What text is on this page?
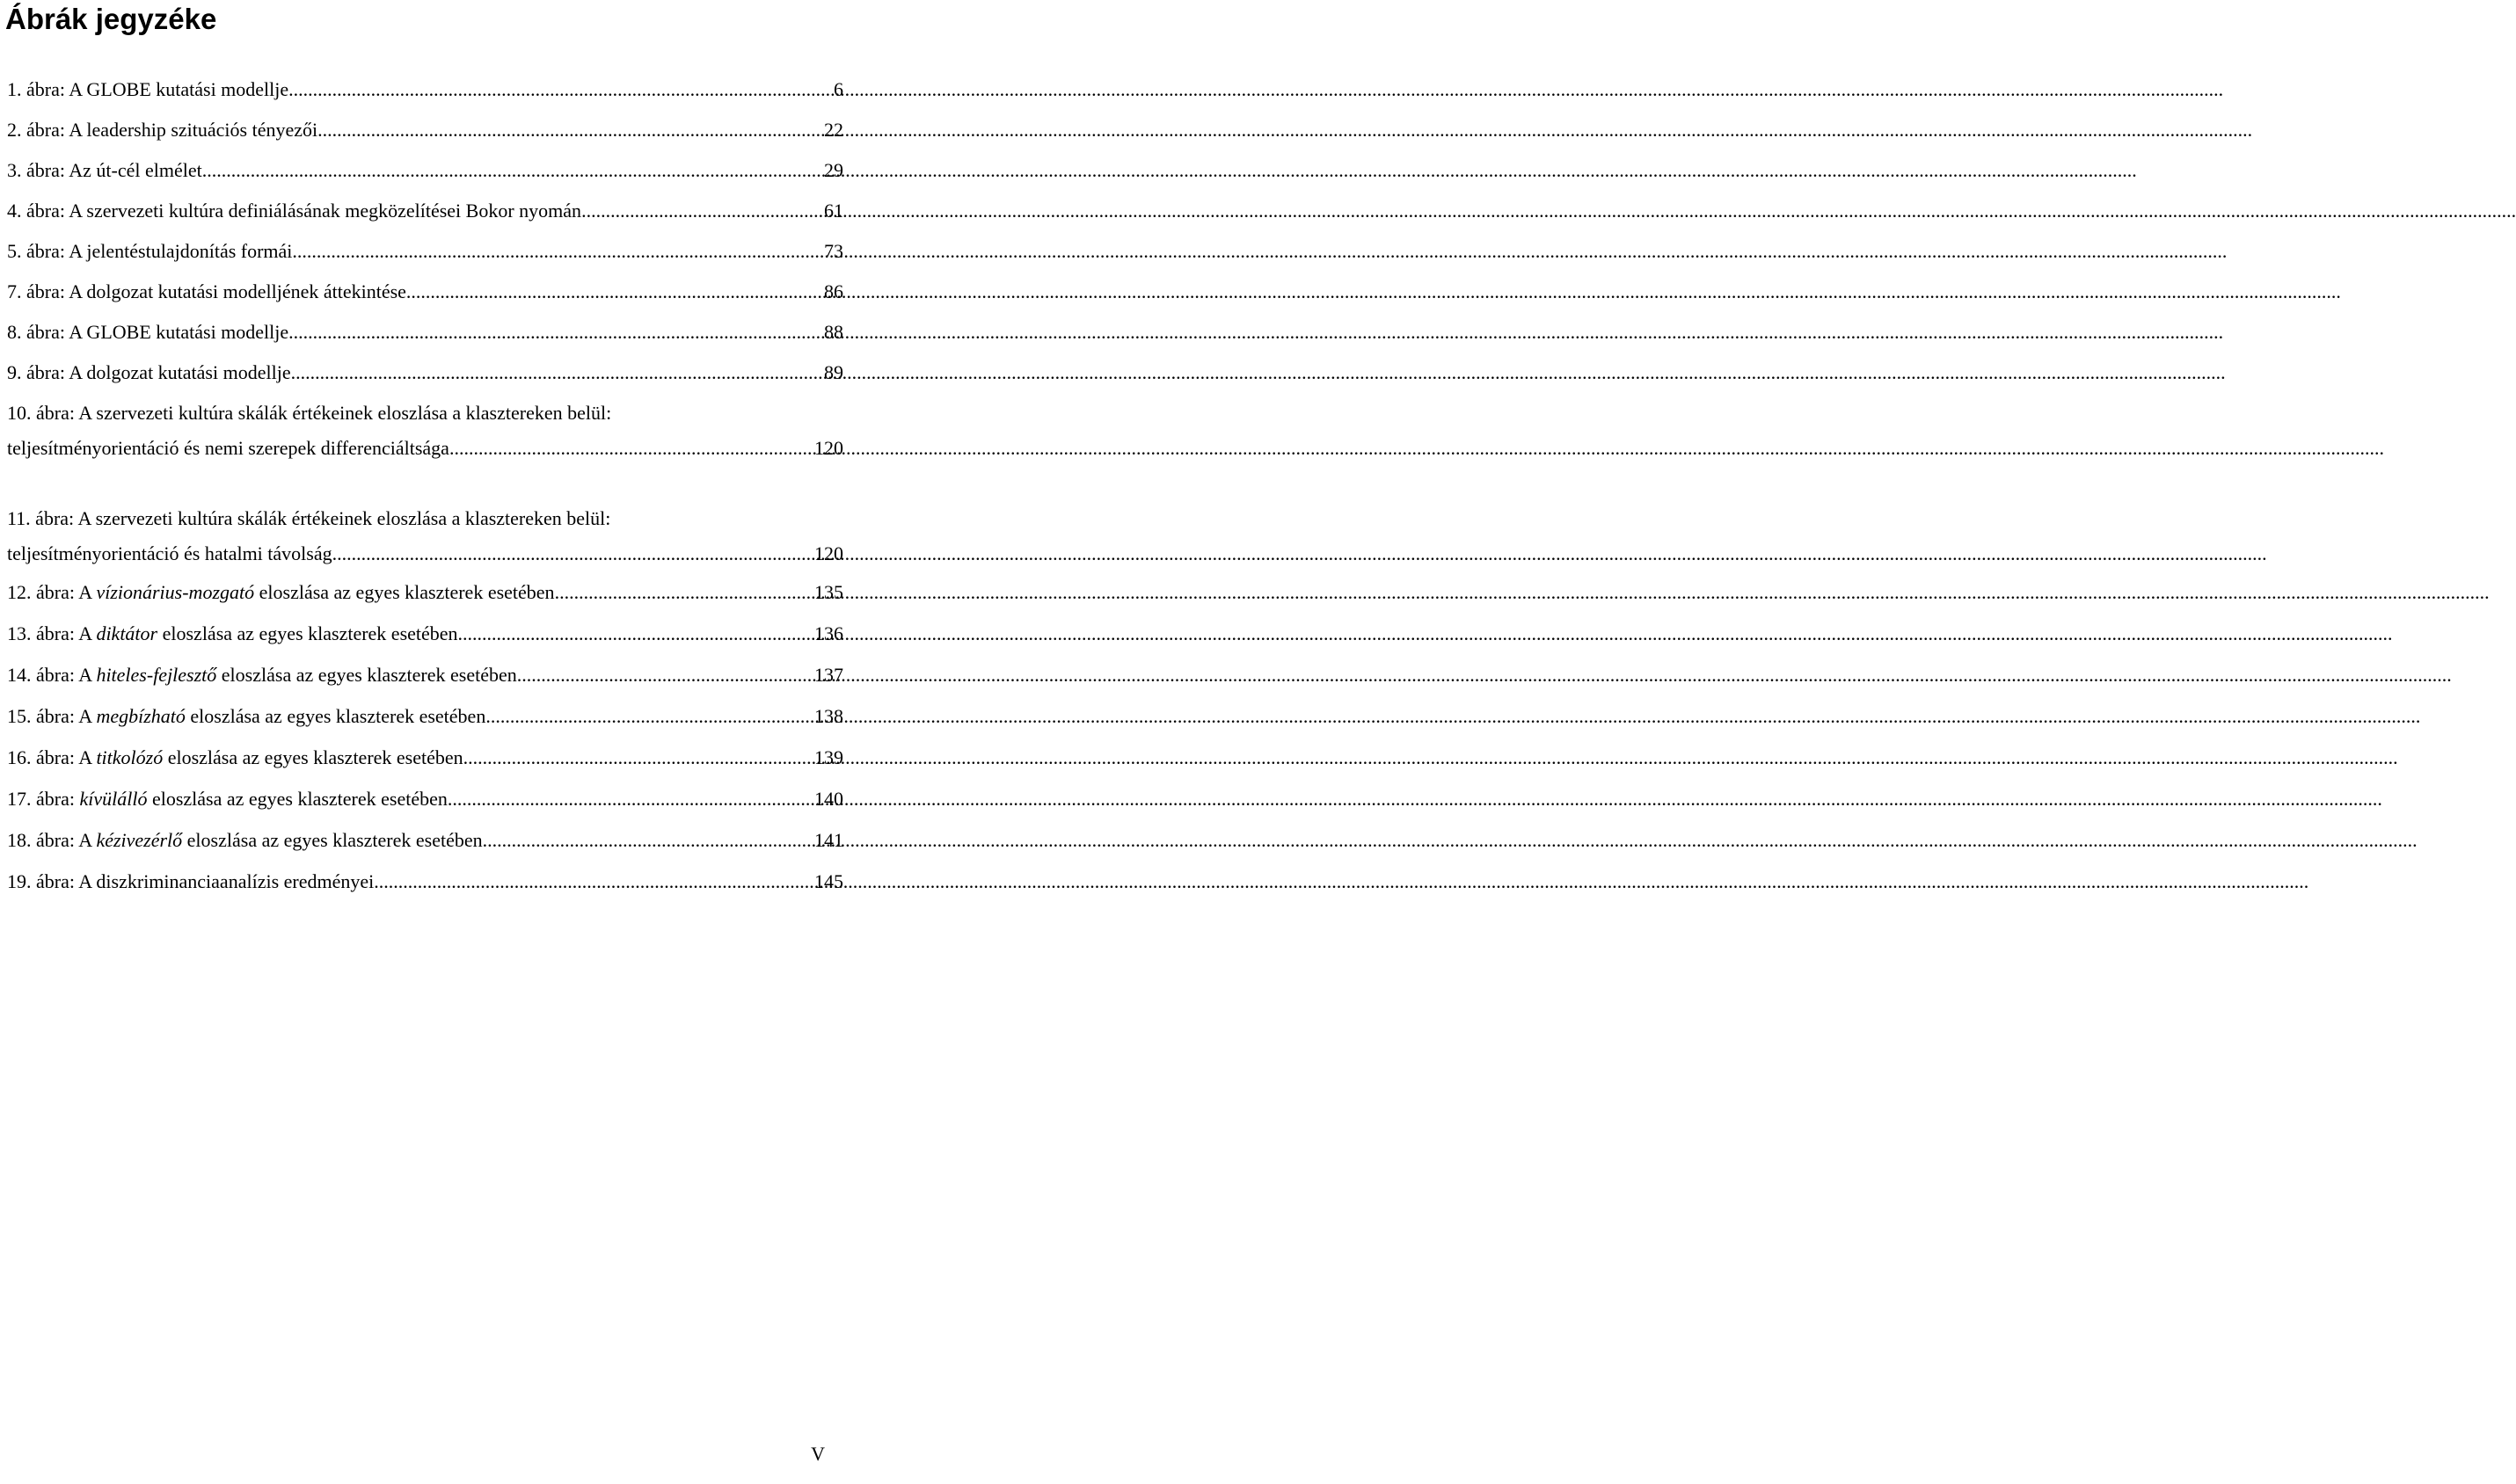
Ábrák jegyzéke
1. ábra: A GLOBE kutatási modellje .....	6
2. ábra: A leadership szituációs tényezői .....	22
3. ábra: Az út-cél elmélet .....	29
4. ábra: A szervezeti kultúra definiálásának megközelítései Bokor nyomán .....	61
5. ábra: A jelentéstulajdonítás formái .....	73
7. ábra: A dolgozat kutatási modelljének áttekintése .....	86
8. ábra: A GLOBE kutatási modellje .....	88
9. ábra: A dolgozat kutatási modellje .....	89
10. ábra: A szervezeti kultúra skálák értékeinek eloszlása a klasztereken belül:
teljesítményorientáció és nemi szerepek differenciáltsága .....	120
11. ábra: A szervezeti kultúra skálák értékeinek eloszlása a klasztereken belül:
teljesítményorientáció és hatalmi távolság .....	120
12. ábra: A vízionárius-mozgató eloszlása az egyes klaszterek esetében .....	135
13. ábra: A diktátor eloszlása az egyes klaszterek esetében .....	136
14. ábra: A hiteles-fejlesztő eloszlása az egyes klaszterek esetében .....	137
15. ábra: A megbízható eloszlása az egyes klaszterek esetében .....	138
16. ábra: A titkolózó eloszlása az egyes klaszterek esetében .....	139
17. ábra: kívülálló eloszlása az egyes klaszterek esetében .....	140
18. ábra: A kézivezérlő eloszlása az egyes klaszterek esetében .....	141
19. ábra: A diszkriminanciaanalízis eredményei .....	145
V
